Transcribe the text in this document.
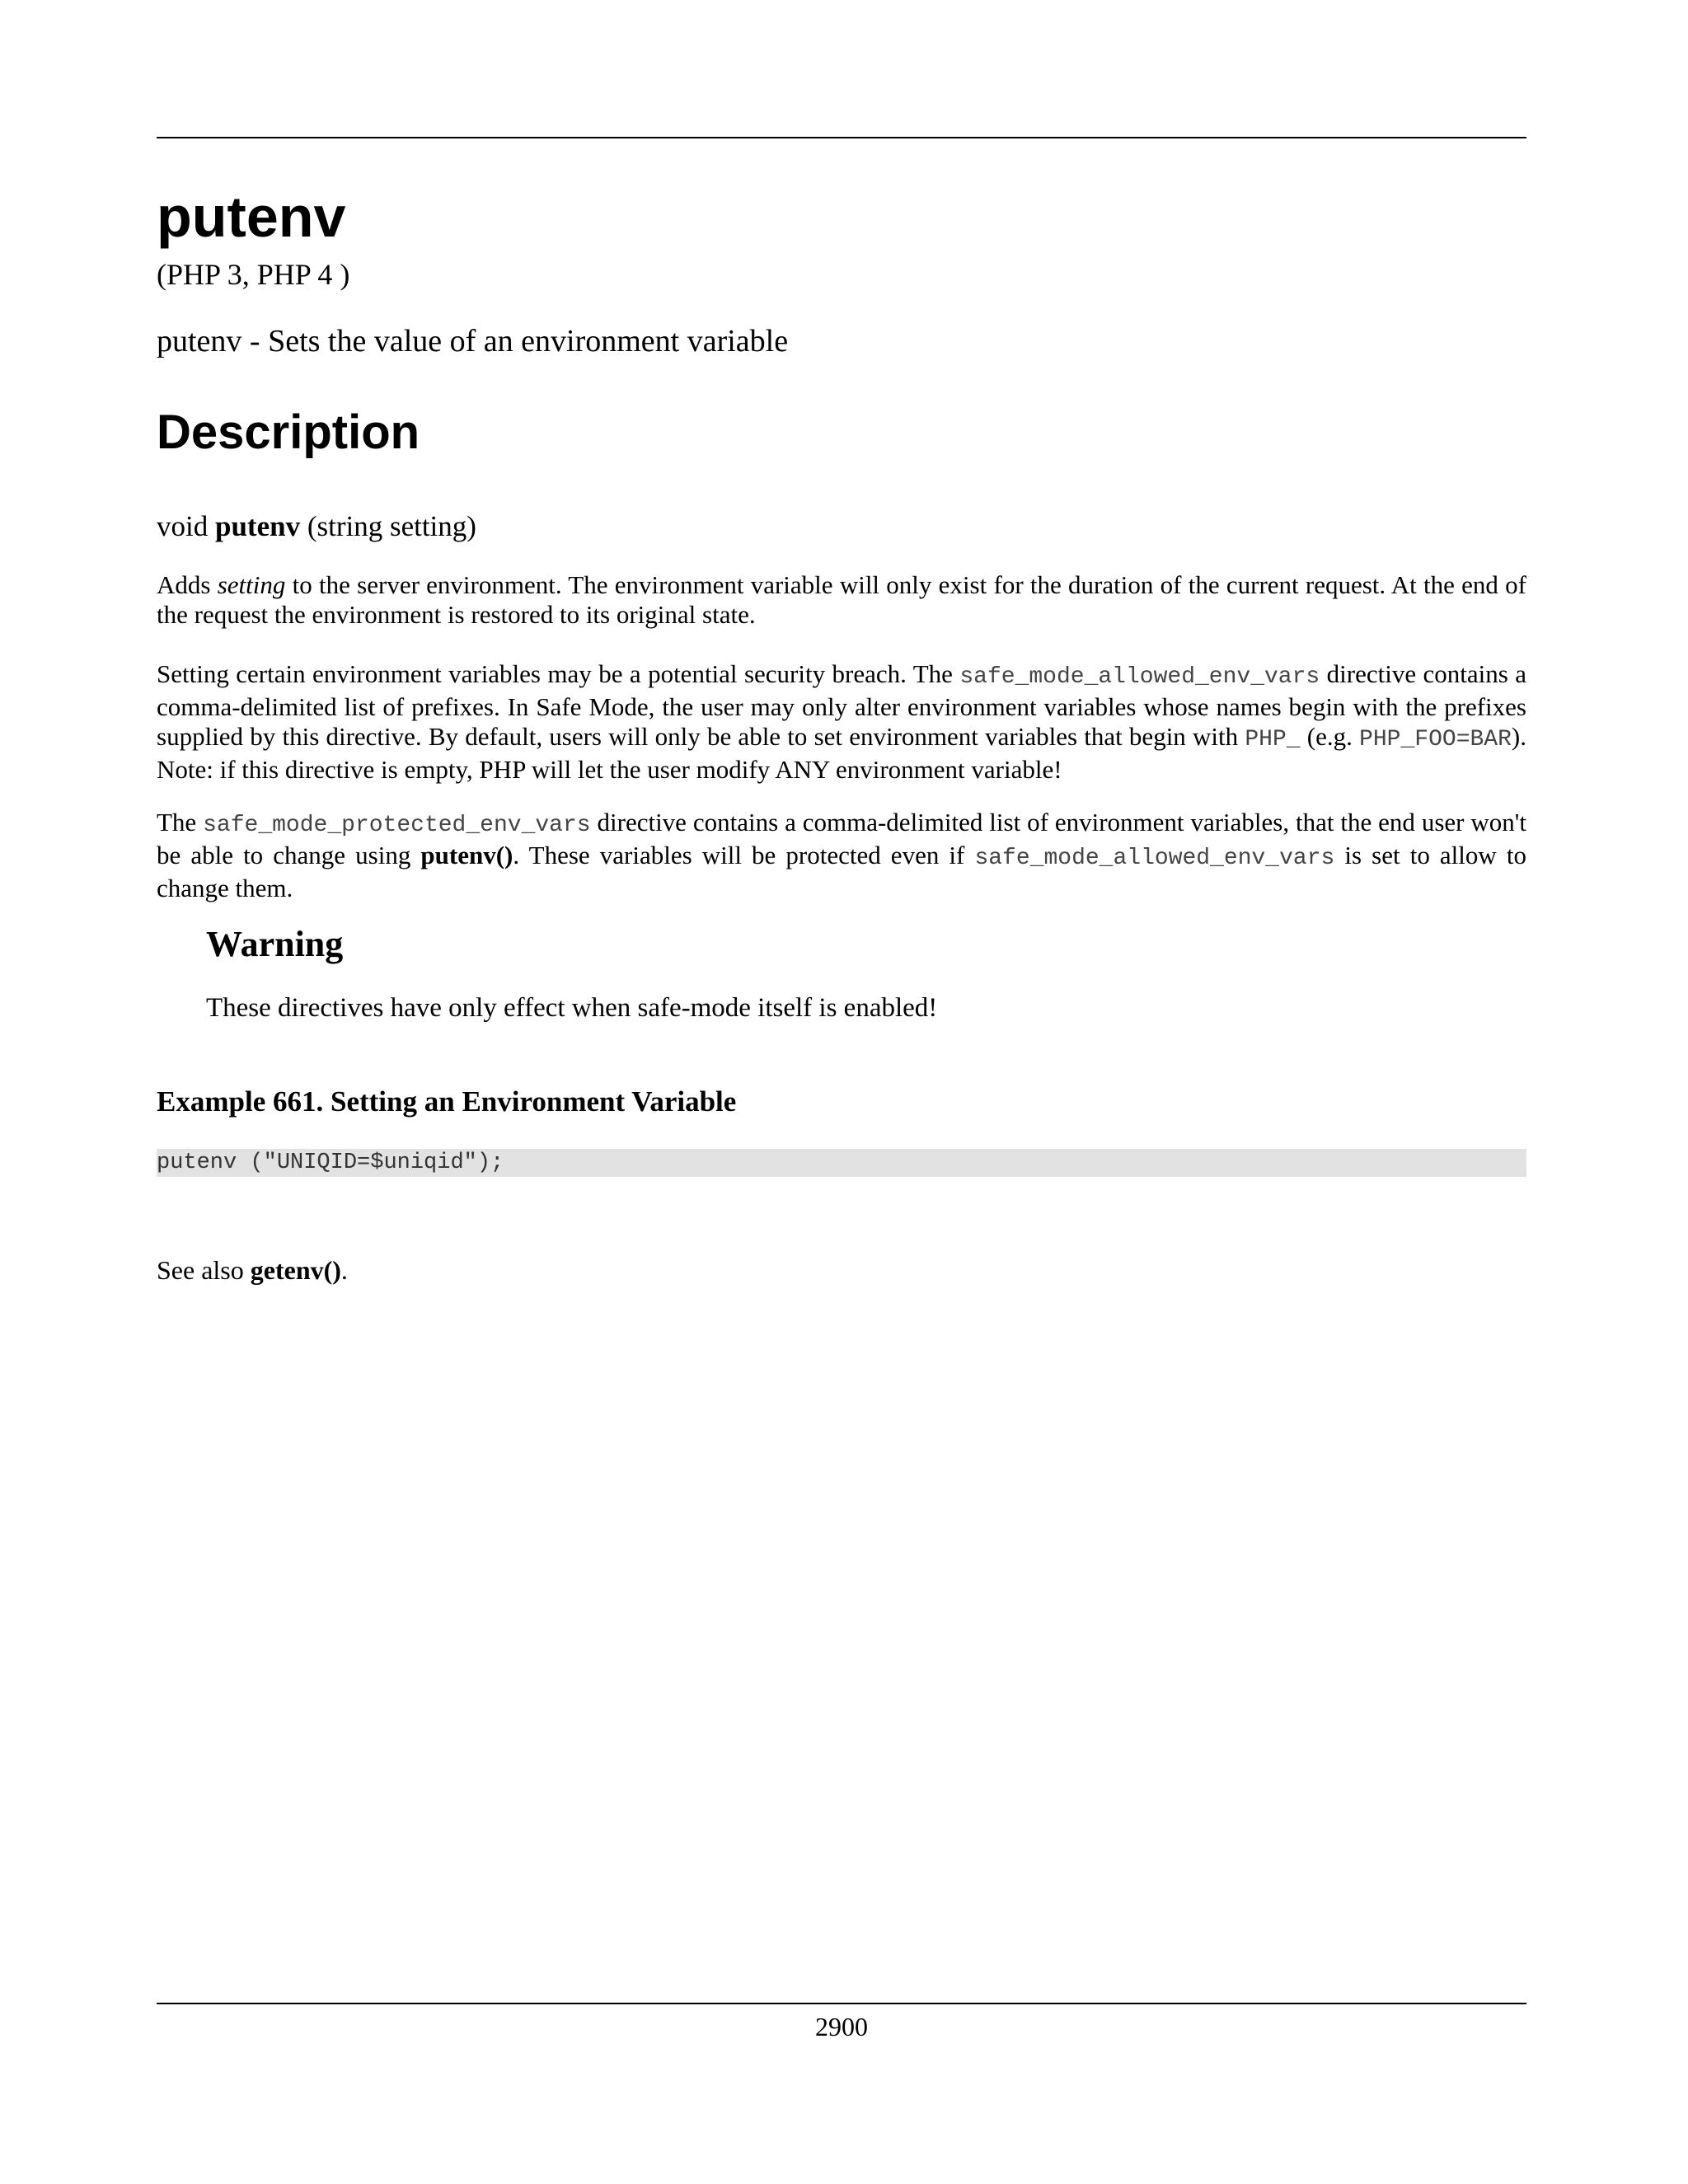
putenv
(PHP 3, PHP 4 )
putenv - Sets the value of an environment variable
Description
void putenv (string setting)

Adds setting to the server environment. The environment variable will only exist for the duration of the current request. At the end of the request the environment is restored to its original state.

Setting certain environment variables may be a potential security breach. The safe_mode_allowed_env_vars directive contains a comma-delimited list of prefixes. In Safe Mode, the user may only alter environment variables whose names begin with the prefixes supplied by this directive. By default, users will only be able to set environment variables that begin with PHP_ (e.g. PHP_FOO=BAR). Note: if this directive is empty, PHP will let the user modify ANY environment variable!

The safe_mode_protected_env_vars directive contains a comma-delimited list of environment variables, that the end user won't be able to change using putenv(). These variables will be protected even if safe_mode_allowed_env_vars is set to allow to change them.

Warning
These directives have only effect when safe-mode itself is enabled!
Example 661. Setting an Environment Variable
putenv ("UNIQID=$uniqid");
See also getenv().
2900
